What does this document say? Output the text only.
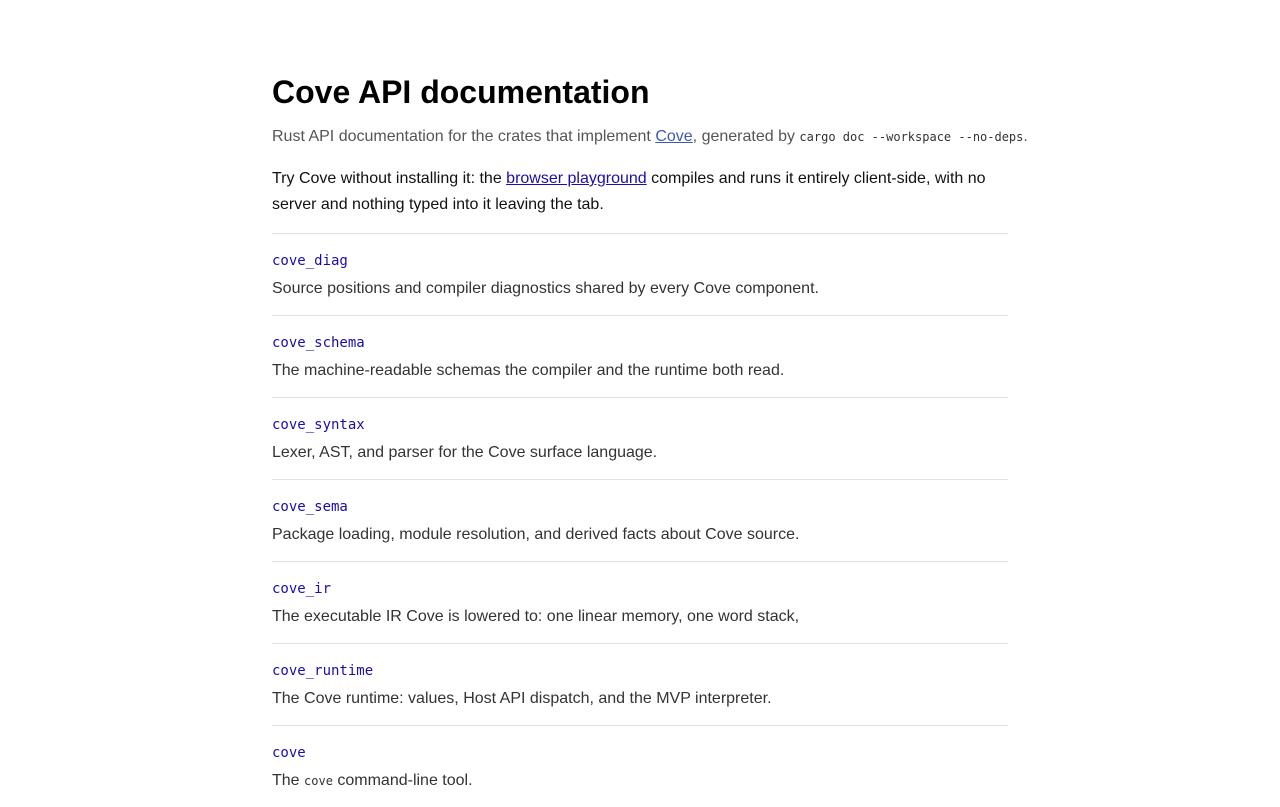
Cove API documentation
Rust API documentation for the crates that implement Cove, generated by cargo doc --workspace --no-deps.

Try Cove without installing it: the browser playground compiles and runs it entirely client-side, with no server and nothing typed into it leaving the tab.

cove_diag
Source positions and compiler diagnostics shared by every Cove component.
cove_schema
The machine-readable schemas the compiler and the runtime both read.
cove_syntax
Lexer, AST, and parser for the Cove surface language.
cove_sema
Package loading, module resolution, and derived facts about Cove source.
cove_ir
The executable IR Cove is lowered to: one linear memory, one word stack,
cove_runtime
The Cove runtime: values, Host API dispatch, and the MVP interpreter.
cove
The cove command-line tool.
